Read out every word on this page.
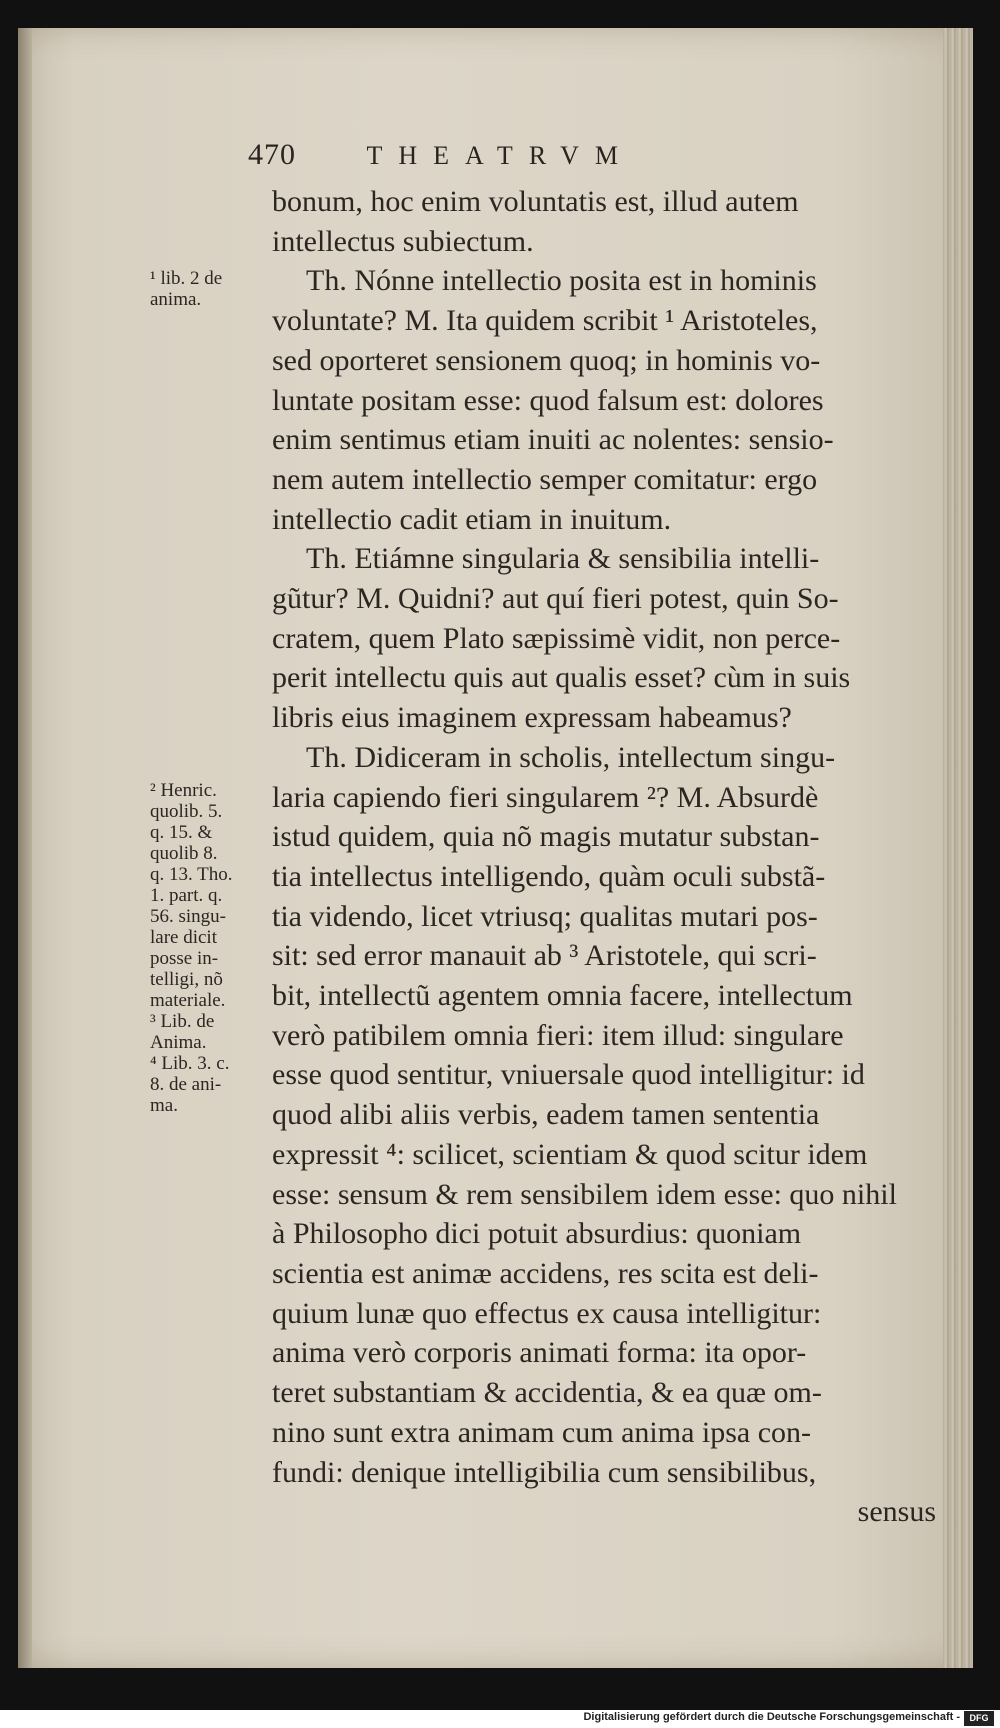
470	THEATRVM
¹ lib. 2 de
anima.
² Henric.
quolib. 5.
q. 15. &
quolib 8.
q. 13. Tho.
1. part. q.
56. singu-
lare dicit
posse in-
telligi, nõ
materiale.
³ Lib. de
Anima.
⁴ Lib. 3. c.
8. de ani-
ma.
bonum, hoc enim voluntatis est, illud autem
intellectus subiectum.
Th. Nónne intellectio posita est in hominis
voluntate? M. Ita quidem scribit ¹ Aristoteles,
sed oporteret sensionem quoq; in hominis vo-
luntate positam esse: quod falsum est: dolores
enim sentimus etiam inuiti ac nolentes: sensio-
nem autem intellectio semper comitatur: ergo
intellectio cadit etiam in inuitum.
Th. Etiámne singularia & sensibilia intelli-
gũtur? M. Quidni? aut quí fieri potest, quin So-
cratem, quem Plato sæpissimè vidit, non perce-
perit intellectu quis aut qualis esset? cùm in suis
libris eius imaginem expressam habeamus?
Th. Didiceram in scholis, intellectum singu-
laria capiendo fieri singularem ²? M. Absurdè
istud quidem, quia nõ magis mutatur substan-
tia intellectus intelligendo, quàm oculi substã-
tia videndo, licet vtriusq; qualitas mutari pos-
sit: sed error manauit ab ³ Aristotele, qui scri-
bit, intellectũ agentem omnia facere, intellectum
verò patibilem omnia fieri: item illud: singulare
esse quod sentitur, vniuersale quod intelligitur: id
quod alibi aliis verbis, eadem tamen sententia
expressit ⁴: scilicet, scientiam & quod scitur idem
esse: sensum & rem sensibilem idem esse: quo nihil
à Philosopho dici potuit absurdius: quoniam
scientia est animæ accidens, res scita est deli-
quium lunæ quo effectus ex causa intelligitur:
anima verò corporis animati forma: ita opor-
teret substantiam & accidentia, & ea quæ om-
nino sunt extra animam cum anima ipsa con-
fundi: denique intelligibilia cum sensibilibus,
sensus
Digitalisierung gefördert durch die Deutsche Forschungsgemeinschaft -	DFG
